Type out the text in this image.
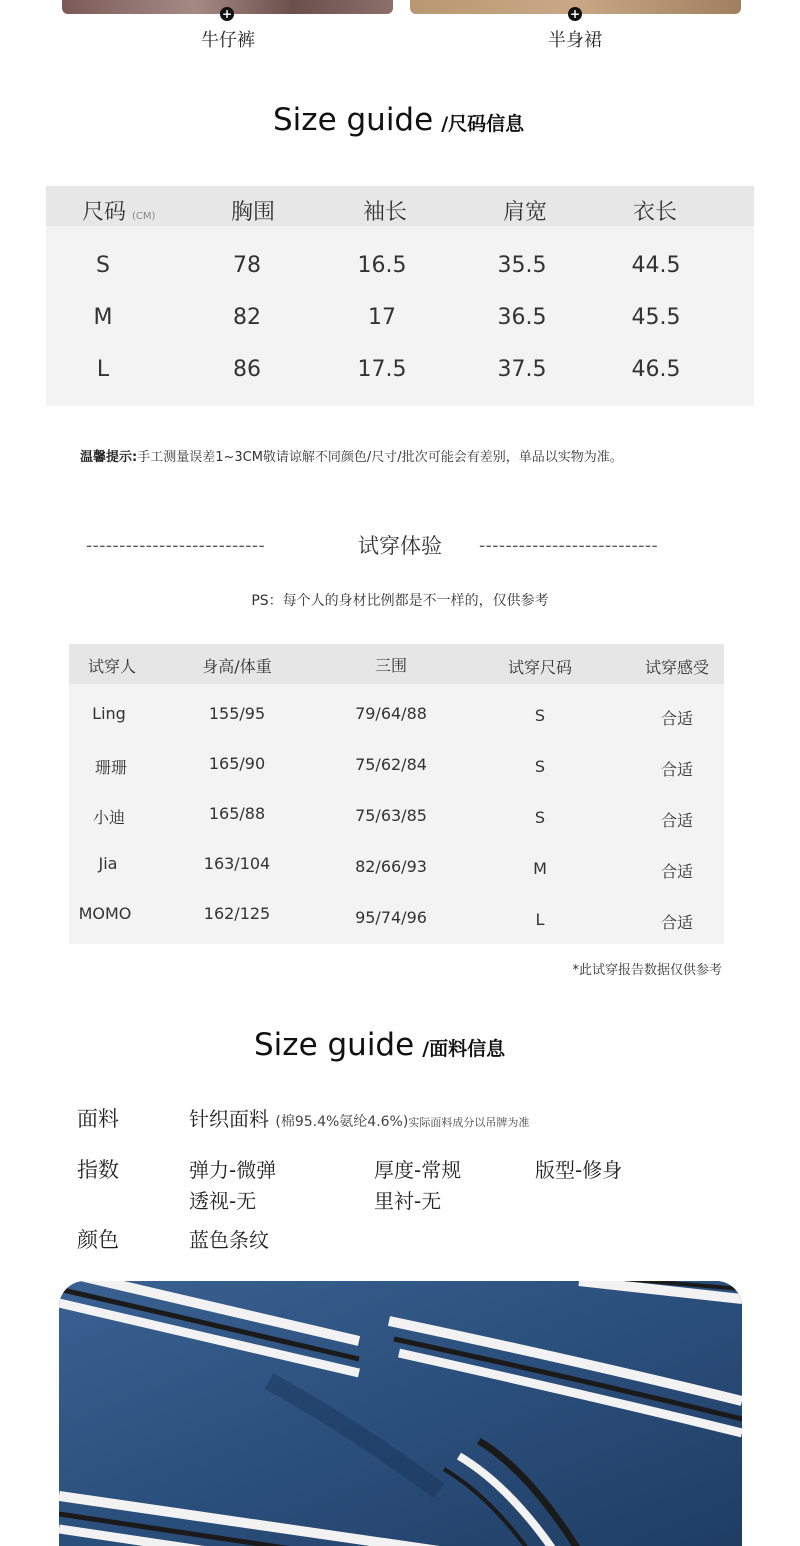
+
牛仔裤
+
半身裙
Size guide /尺码信息
尺码 (CM)	胸围	袖长	肩宽	衣长
S	78	16.5	35.5	44.5
M	82	17	36.5	45.5
L	86	17.5	37.5	46.5
温馨提示:手工测量误差1~3CM敬请谅解不同颜色/尺寸/批次可能会有差别，单品以实物为准。
---------------------------	试穿体验	---------------------------
PS：每个人的身材比例都是不一样的，仅供参考
试穿人	身高/体重	三围	试穿尺码	试穿感受
Ling	155/95	79/64/88	S	合适
珊珊	165/90	75/62/84	S	合适
小迪	165/88	75/63/85	S	合适
Jia	163/104	82/66/93	M	合适
MOMO	162/125	95/74/96	L	合适
*此试穿报告数据仅供参考
Size guide /面料信息
面料	针织面料 (棉95.4%氨纶4.6%)实际面料成分以吊牌为准
指数	弹力-微弹	厚度-常规	版型-修身
透视-无	里衬-无
颜色	蓝色条纹
